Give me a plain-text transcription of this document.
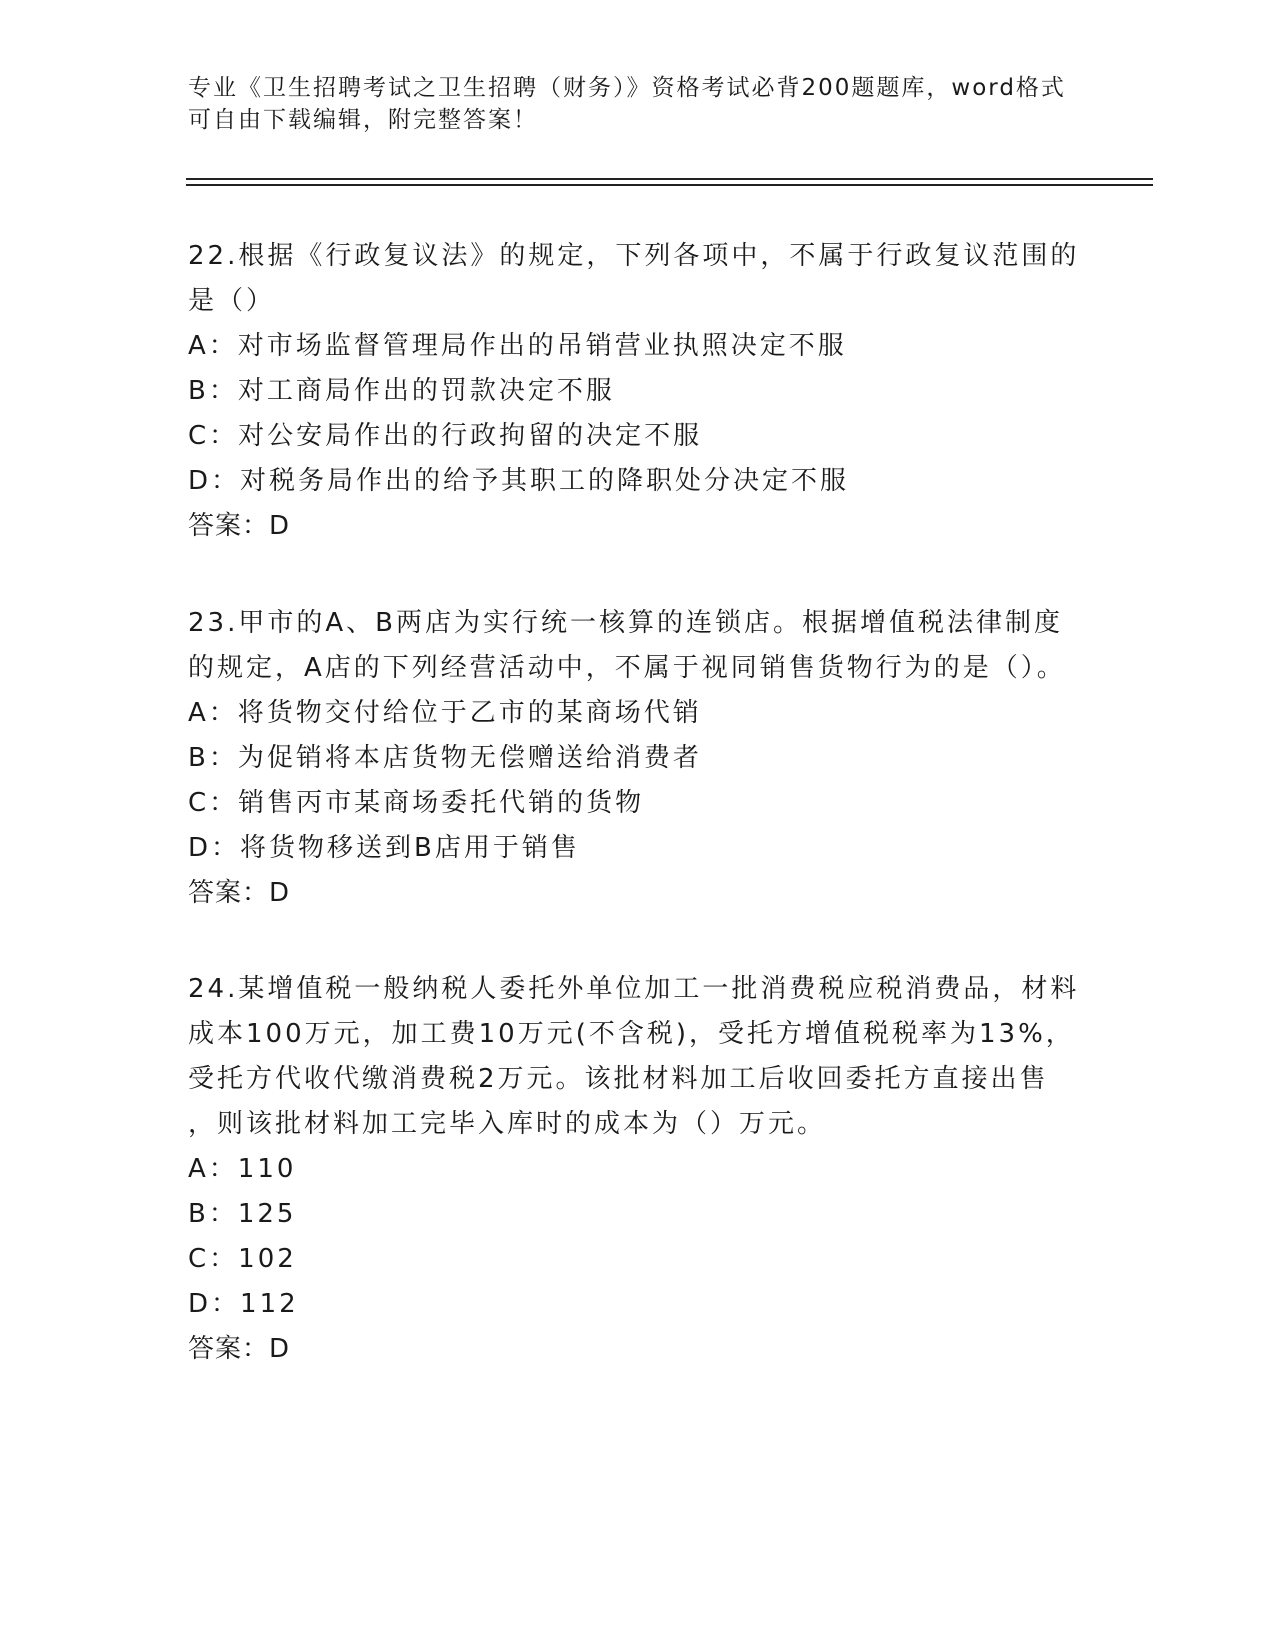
专业《卫生招聘考试之卫生招聘（财务）》资格考试必背200题题库，word格式
可自由下载编辑，附完整答案！
22.根据《行政复议法》的规定，下列各项中，不属于行政复议范围的
是（）
A：对市场监督管理局作出的吊销营业执照决定不服
B：对工商局作出的罚款决定不服
C：对公安局作出的行政拘留的决定不服
D：对税务局作出的给予其职工的降职处分决定不服
答案：D
23.甲市的A、B两店为实行统一核算的连锁店。根据增值税法律制度
的规定，A店的下列经营活动中，不属于视同销售货物行为的是（）。
A：将货物交付给位于乙市的某商场代销
B：为促销将本店货物无偿赠送给消费者
C：销售丙市某商场委托代销的货物
D：将货物移送到B店用于销售
答案：D
24.某增值税一般纳税人委托外单位加工一批消费税应税消费品，材料
成本100万元，加工费10万元(不含税)，受托方增值税税率为13%，
受托方代收代缴消费税2万元。该批材料加工后收回委托方直接出售
，则该批材料加工完毕入库时的成本为（）万元。
A：110
B：125
C：102
D：112
答案：D
